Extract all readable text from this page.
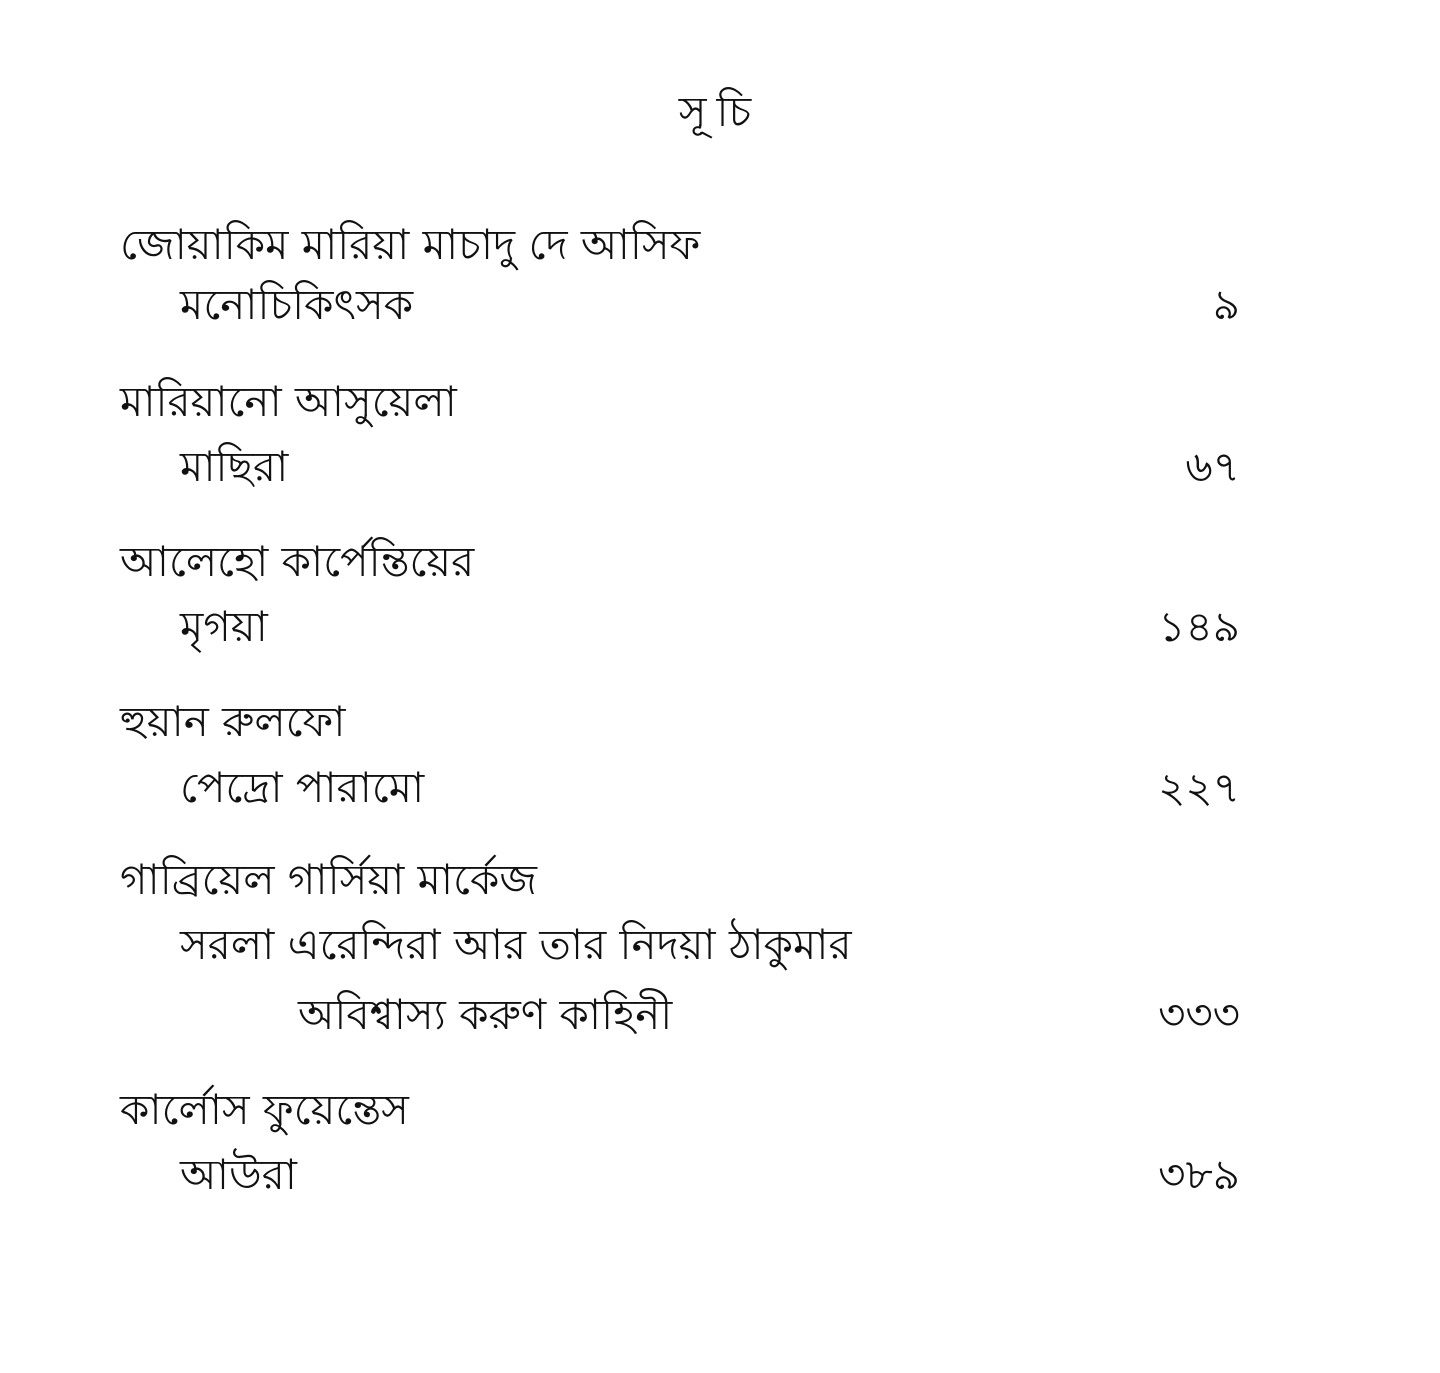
সূচি
জোয়াকিম মারিয়া মাচাদু দে আসিফ
মনোচিকিৎসক	৯
মারিয়ানো আসুয়েলা
মাছিরা	৬৭
আলেহো কার্পেন্তিয়ের
মৃগয়া	১৪৯
হুয়ান রুলফো
পেদ্রো পারামো	২২৭
গাব্রিয়েল গার্সিয়া মার্কেজ
সরলা এরেন্দিরা আর তার নিদয়া ঠাকুমার
অবিশ্বাস্য করুণ কাহিনী	৩৩৩
কার্লোস ফুয়েন্তেস
আউরা	৩৮৯
